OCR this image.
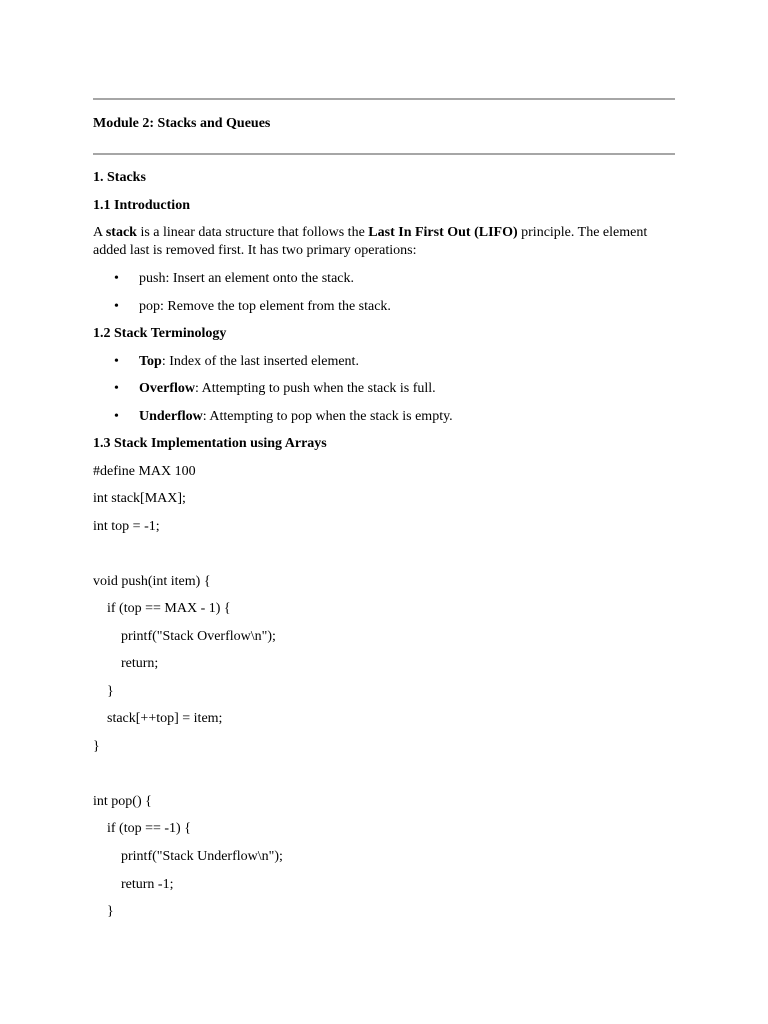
Module 2: Stacks and Queues
1. Stacks
1.1 Introduction
A stack is a linear data structure that follows the Last In First Out (LIFO) principle. The element added last is removed first. It has two primary operations:
• push: Insert an element onto the stack.
• pop: Remove the top element from the stack.
1.2 Stack Terminology
• Top: Index of the last inserted element.
• Overflow: Attempting to push when the stack is full.
• Underflow: Attempting to pop when the stack is empty.
1.3 Stack Implementation using Arrays
#define MAX 100
int stack[MAX];
int top = -1;
void push(int item) {
if (top == MAX - 1) {
printf("Stack Overflow\n");
return;
}
stack[++top] = item;
}
int pop() {
if (top == -1) {
printf("Stack Underflow\n");
return -1;
}
